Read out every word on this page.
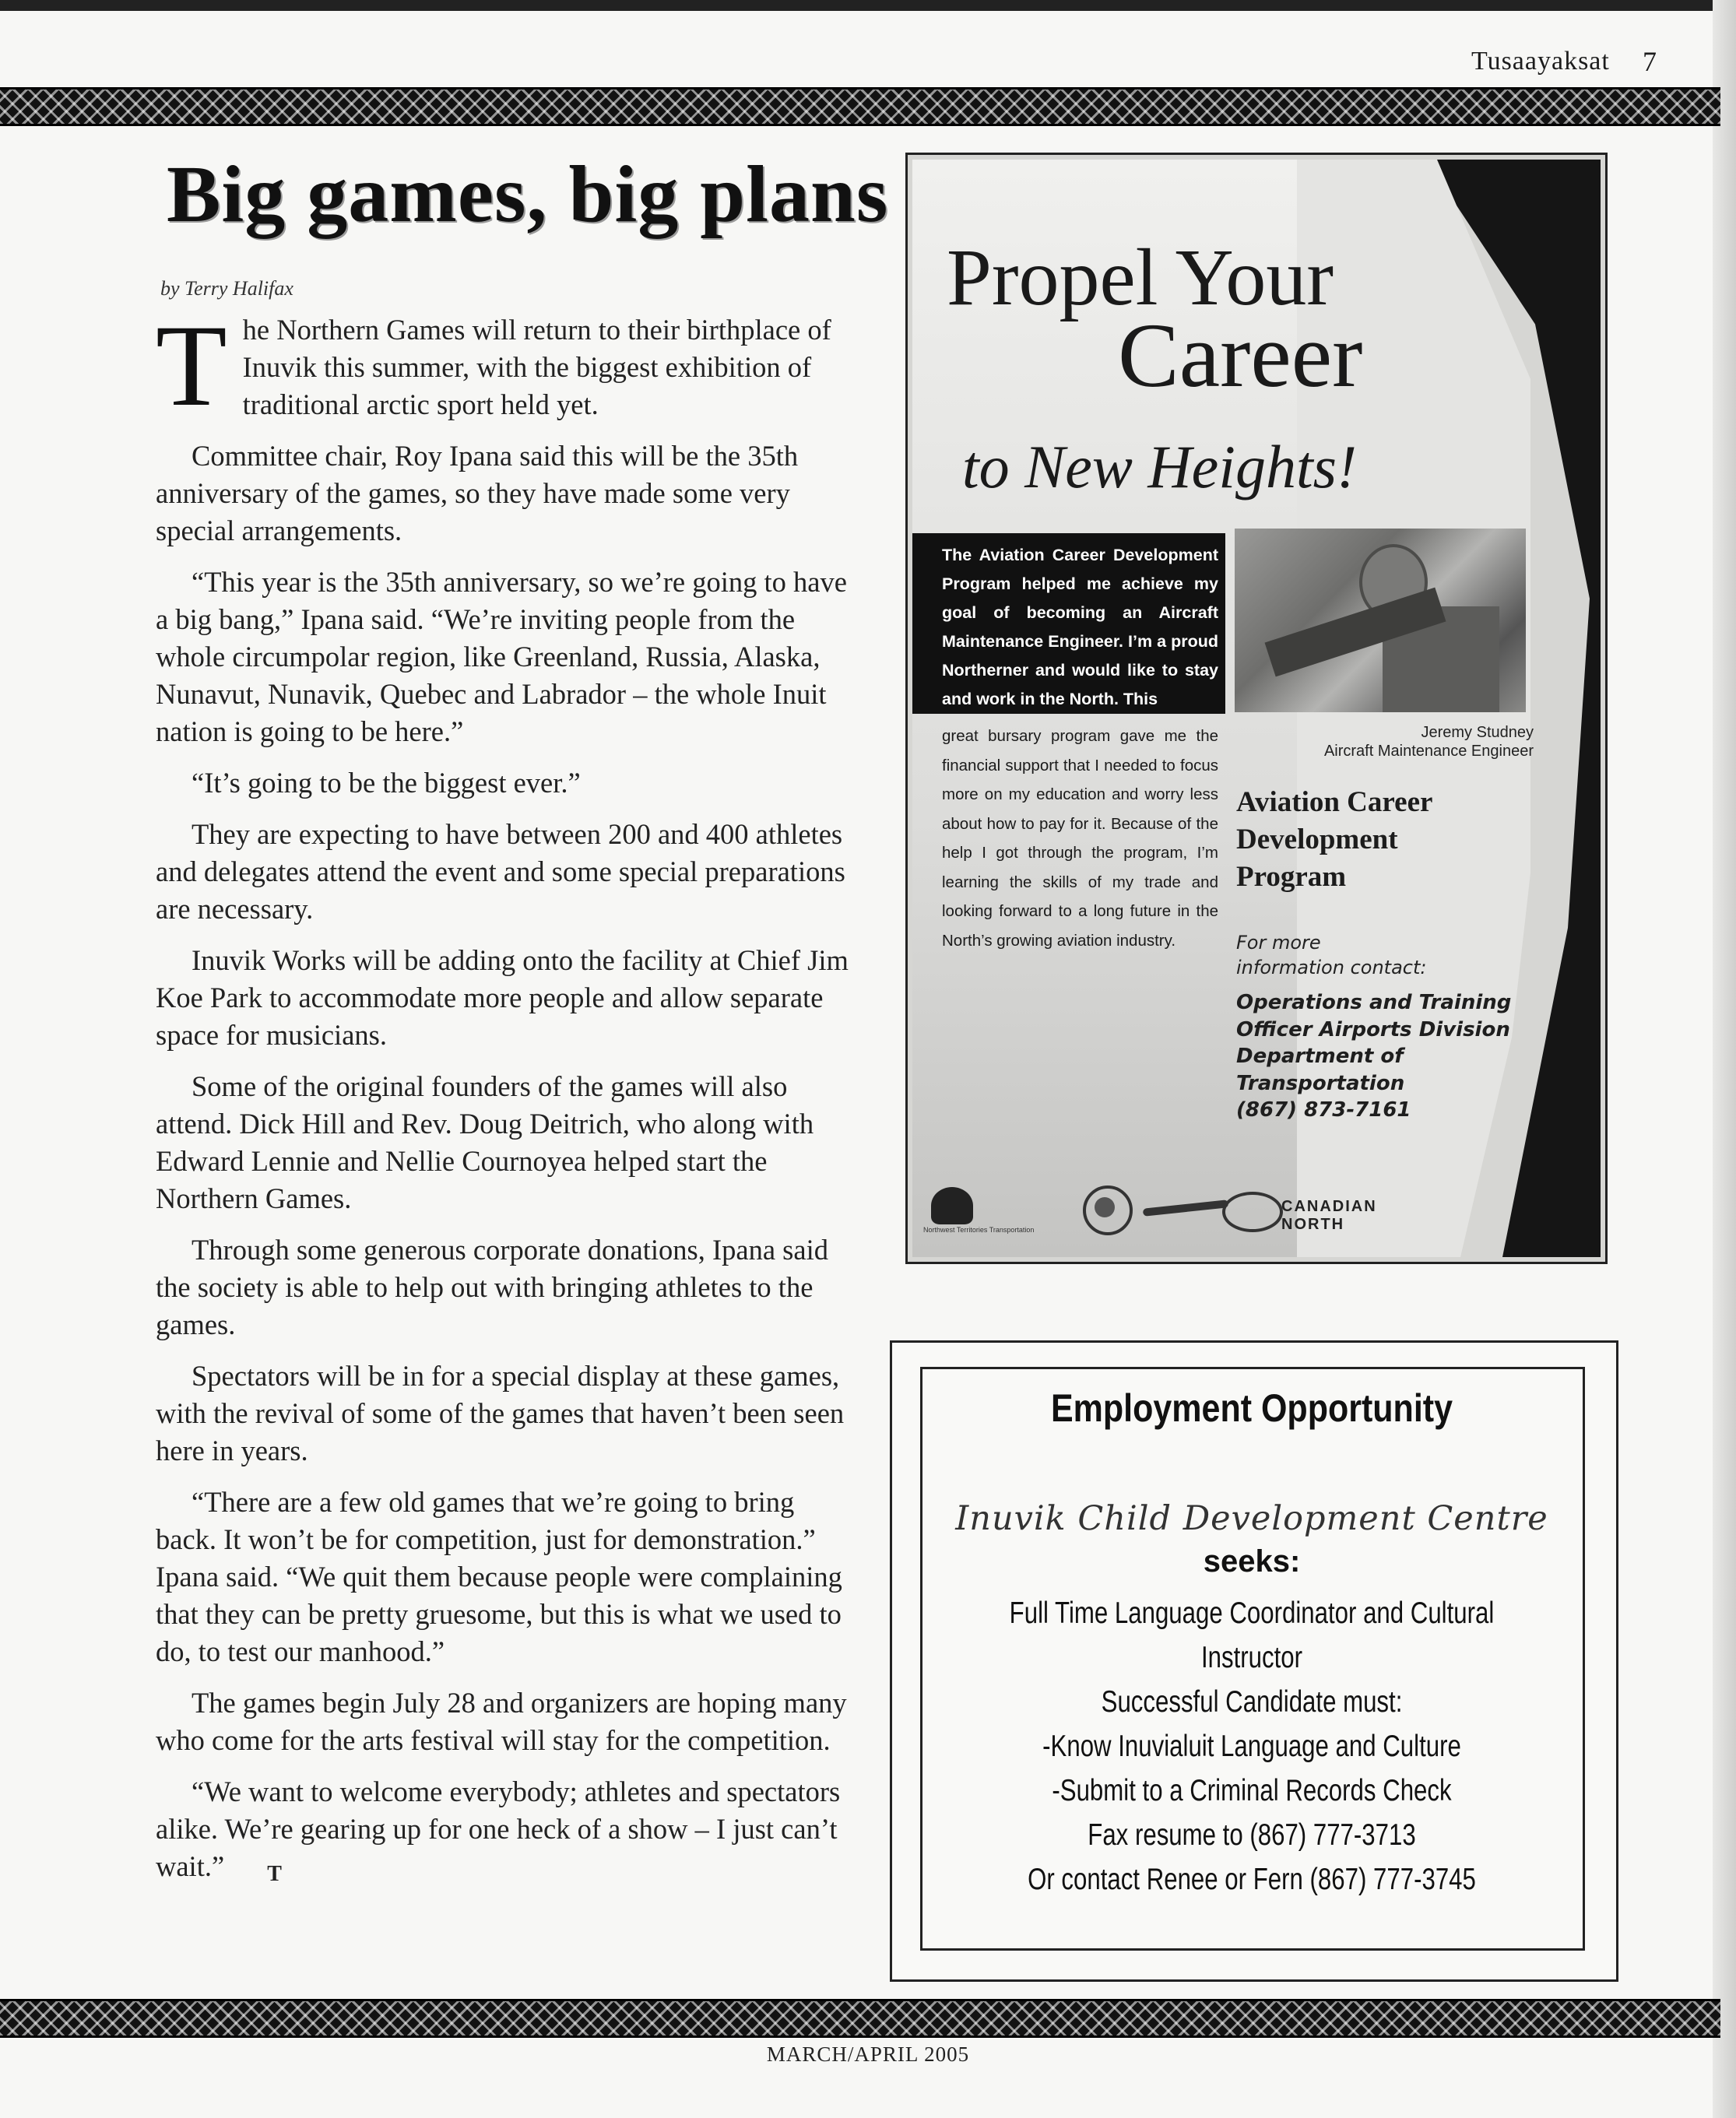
Tusaayaksat 7
Big games, big plans
by Terry Halifax

The Northern Games will return to their birthplace of Inuvik this summer, with the biggest exhibition of traditional arctic sport held yet.

Committee chair, Roy Ipana said this will be the 35th anniversary of the games, so they have made some very special arrangements.

“This year is the 35th anniversary, so we’re going to have a big bang,” Ipana said. “We’re inviting people from the whole circumpolar region, like Greenland, Russia, Alaska, Nunavut, Nunavik, Quebec and Labrador – the whole Inuit nation is going to be here.”

“It’s going to be the biggest ever.”

They are expecting to have between 200 and 400 athletes and delegates attend the event and some special preparations are necessary.

Inuvik Works will be adding onto the facility at Chief Jim Koe Park to accommodate more people and allow separate space for musicians.

Some of the original founders of the games will also attend. Dick Hill and Rev. Doug Deitrich, who along with Edward Lennie and Nellie Cournoyea helped start the Northern Games.

Through some generous corporate donations, Ipana said the society is able to help out with bringing athletes to the games.

Spectators will be in for a special display at these games, with the revival of some of the games that haven’t been seen here in years.

“There are a few old games that we’re going to bring back. It won’t be for competition, just for demonstration.” Ipana said. “We quit them because people were complaining that they can be pretty gruesome, but this is what we used to do, to test our manhood.”

The games begin July 28 and organizers are hoping many who come for the arts festival will stay for the competition.

“We want to welcome everybody; athletes and spectators alike. We’re gearing up for one heck of a show – I just can’t wait.” T

Propel Your
Career
to New Heights!
The Aviation Career Development Program helped me achieve my goal of becoming an Aircraft Maintenance Engineer. I’m a proud Northerner and would like to stay and work in the North. This
great bursary program gave me the financial support that I needed to focus more on my education and worry less about how to pay for it. Because of the help I got through the program, I’m learning the skills of my trade and looking forward to a long future in the North’s growing aviation industry.
Jeremy Studney
Aircraft Maintenance Engineer
Aviation Career
Development
Program
For more
information contact:
Operations and Training
Officer Airports Division
Department of
Transportation
(867) 873-7161
Northwest Territories Transportation
CANADIAN NORTH
Employment Opportunity
Inuvik Child Development Centre
seeks:
Full Time Language Coordinator and Cultural Instructor
Successful Candidate must:
-Know Inuvialuit Language and Culture
-Submit to a Criminal Records Check
Fax resume to (867) 777-3713
Or contact Renee or Fern (867) 777-3745
MARCH/APRIL 2005
